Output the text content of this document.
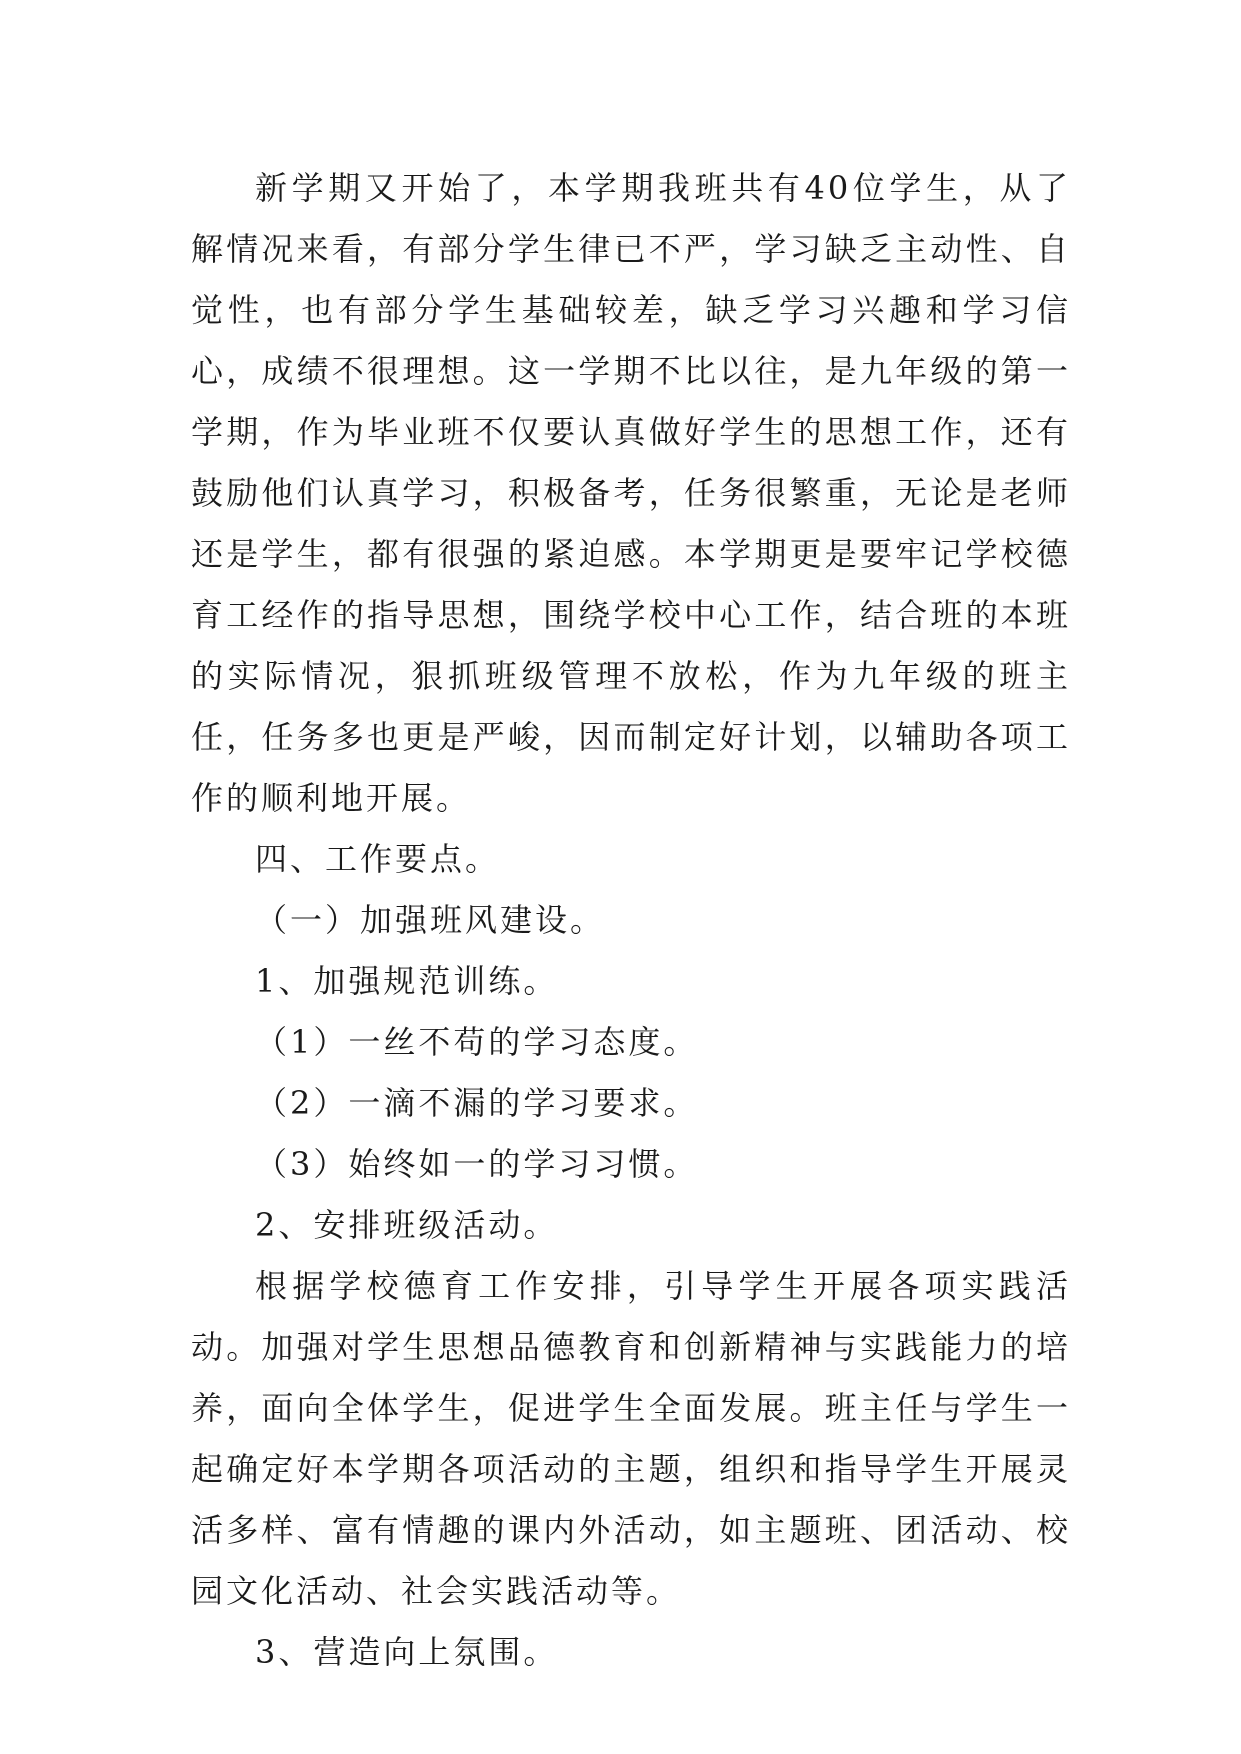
新学期又开始了，本学期我班共有40位学生，从了解情况来看，有部分学生律已不严，学习缺乏主动性、自觉性，也有部分学生基础较差，缺乏学习兴趣和学习信心，成绩不很理想。这一学期不比以往，是九年级的第一学期，作为毕业班不仅要认真做好学生的思想工作，还有鼓励他们认真学习，积极备考，任务很繁重，无论是老师还是学生，都有很强的紧迫感。本学期更是要牢记学校德育工经作的指导思想，围绕学校中心工作，结合班的本班的实际情况，狠抓班级管理不放松，作为九年级的班主任，任务多也更是严峻，因而制定好计划，以辅助各项工作的顺利地开展。

四、工作要点。

（一）加强班风建设。

1、加强规范训练。

（1）一丝不苟的学习态度。

（2）一滴不漏的学习要求。

（3）始终如一的学习习惯。

2、安排班级活动。

根据学校德育工作安排，引导学生开展各项实践活动。加强对学生思想品德教育和创新精神与实践能力的培养，面向全体学生，促进学生全面发展。班主任与学生一起确定好本学期各项活动的主题，组织和指导学生开展灵活多样、富有情趣的课内外活动，如主题班、团活动、校园文化活动、社会实践活动等。

3、营造向上氛围。
